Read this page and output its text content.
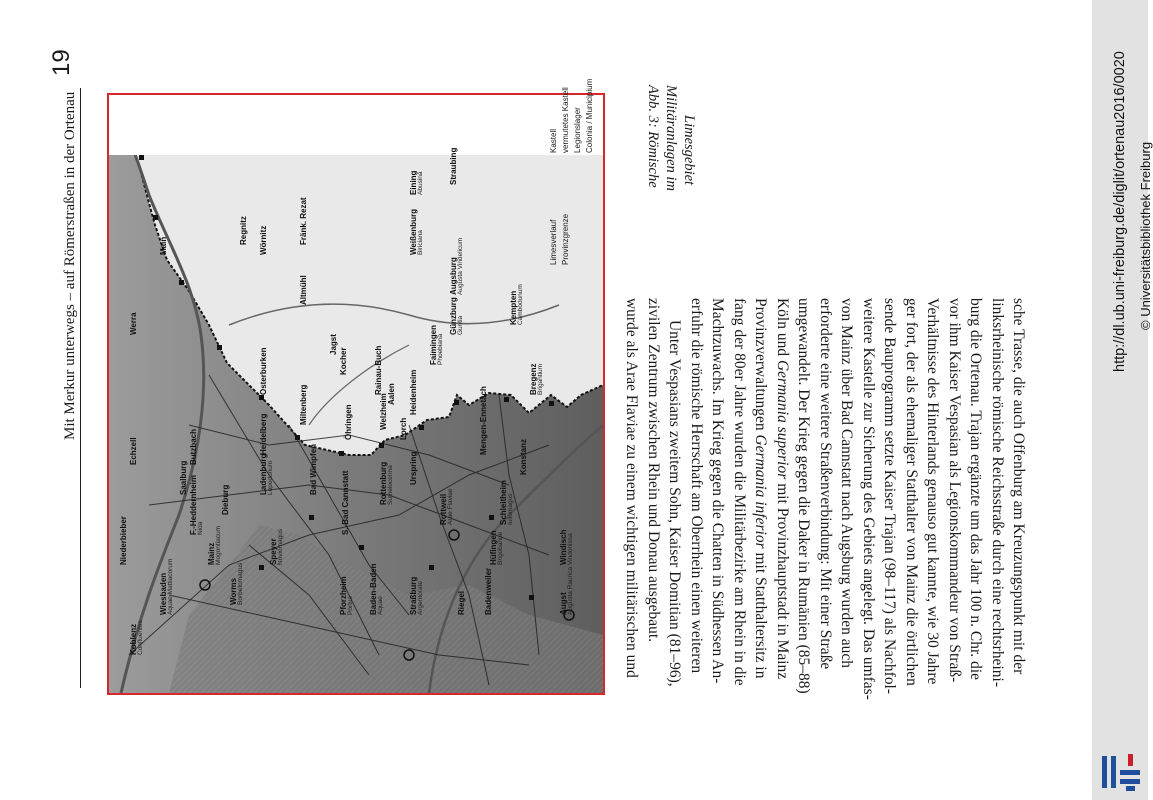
http://dl.ub.uni-freiburg.de/diglit/ortenau2016/0020 © Universitätsbibliothek Freiburg
Mit Merkur unterwegs – auf Römerstraßen in der Ortenau
19
Kastell vermutetes Kastell Legionslager Colonia / Municipium
Koblenz Confluentes
Niederbieber
Wiesbaden Aquae Mattiacorum
Mainz Mogontiacum
Saalburg F.-Heddernheim Nida
Butzbach
Echzell
Worms Borbetomagus
Dieburg
Ladenburg Lopodunum
Heidelberg
Speyer Noviomagus
Bad Wimpfen
Miltenberg
Osterburken
Öhringen
Pforzheim Portus Baden-Baden Aquae	Straßburg Argentorate
Rottenburg Sumelocenna
S.-Bad Cannstatt	Rottweil Arae Flaviae
Riegel Badenweiler
Hüfingen Brigobanne
Schleitheim Iuliomagus
Augst Augusta Raurica
Windisch Vindonissa
Konstanz
Bregenz Brigantium
Mengen-Ennetach
Urspring
Heidenheim
Rainau-Buch
Welzheim Lorch
Aalen
Faimingen Phoebiana
Günzburg Guntia
Kempten Cambodunum
Augsburg Augusta Vindelicum
Weißenburg Biriciana
Eining Abusina	Straubing
Jagst
Kocher
Altmühl
Fränk. Rezat
Wörnitz
Regnitz
Main
Werra
Limesverlauf Provinzgrenze
Abb. 3: Römische Militäranlagen im Limesgebiet
wurde als Arae Flaviae zu einem wichtigen militärischen und zivilen Zentrum zwischen Rhein und Donau ausgebaut. Unter Vespasians zweitem Sohn, Kaiser Domitian (81–96), erfuhr die römische Herrschaft am Oberrhein einen weiteren Machtzuwachs. Im Krieg gegen die Chatten in Südhessen An- fang der 80er Jahre wurden die Militärbezirke am Rhein in die Provinzverwaltungen Germania inferior mit Statthaltersitz in
Köln und Germania superior mit Provinzhauptstadt in Mainz umgewandelt. Der Krieg gegen die Daker in Rumänien (85–88) erforderte eine weitere Straßenverbindung: Mit einer Straße von Mainz über Bad Cannstatt nach Augsburg wurden auch weitere Kastelle zur Sicherung des Gebiets angelegt. Das umfas- sende Bauprogramm setzte Kaiser Trajan (98–117) als Nachfol- ger fort, der als ehemaliger Statthalter von Mainz die örtlichen Verhältnisse des Hinterlands genauso gut kannte, wie 30 Jahre vor ihm Kaiser Vespasian als Legionskommandeur von Straß- burg die Ortenau. Trajan ergänzte um das Jahr 100 n. Chr. die linksrheinische römische Reichsstraße durch eine rechtsrheini- sche Trasse, die auch Offenburg am Kreuzungspunkt mit der
